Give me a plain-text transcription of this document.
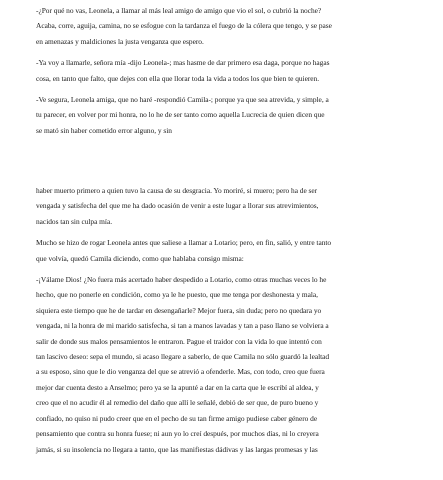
-¿Por qué no vas, Leonela, a llamar al más leal amigo de amigo que vio el sol, o cubrió la noche?
Acaba, corre, aguija, camina, no se esfogue con la tardanza el fuego de la cólera que tengo, y se pase
en amenazas y maldiciones la justa venganza que espero.

-Ya voy a llamarle, señora mía -dijo Leonela-; mas hasme de dar primero esa daga, porque no hagas
cosa, en tanto que falto, que dejes con ella que llorar toda la vida a todos los que bien te quieren.

-Ve segura, Leonela amiga, que no haré -respondió Camila-; porque ya que sea atrevida, y simple, a
tu parecer, en volver por mi honra, no lo he de ser tanto como aquella Lucrecia de quien dicen que
se mató sin haber cometido error alguno, y sin

haber muerto primero a quien tuvo la causa de su desgracia. Yo moriré, si muero; pero ha de ser
vengada y satisfecha del que me ha dado ocasión de venir a este lugar a llorar sus atrevimientos,
nacidos tan sin culpa mía.

Mucho se hizo de rogar Leonela antes que saliese a llamar a Lotario; pero, en fin, salió, y entre tanto
que volvía, quedó Camila diciendo, como que hablaba consigo misma:

-¡Válame Dios! ¿No fuera más acertado haber despedido a Lotario, como otras muchas veces lo he
hecho, que no ponerle en condición, como ya le he puesto, que me tenga por deshonesta y mala,
siquiera este tiempo que he de tardar en desengañarle? Mejor fuera, sin duda; pero no quedara yo
vengada, ni la honra de mi marido satisfecha, si tan a manos lavadas y tan a paso llano se volviera a
salir de donde sus malos pensamientos le entraron. Pague el traidor con la vida lo que intentó con
tan lascivo deseo: sepa el mundo, si acaso llegare a saberlo, de que Camila no sólo guardó la lealtad
a su esposo, sino que le dio venganza del que se atrevió a ofenderle. Mas, con todo, creo que fuera
mejor dar cuenta desto a Anselmo; pero ya se la apunté a dar en la carta que le escribí al aldea, y
creo que el no acudir él al remedio del daño que allí le señalé, debió de ser que, de puro bueno y
confiado, no quiso ni pudo creer que en el pecho de su tan firme amigo pudiese caber género de
pensamiento que contra su honra fuese; ni aun yo lo creí después, por muchos días, ni lo creyera
jamás, si su insolencia no llegara a tanto, que las manifiestas dádivas y las largas promesas y las
